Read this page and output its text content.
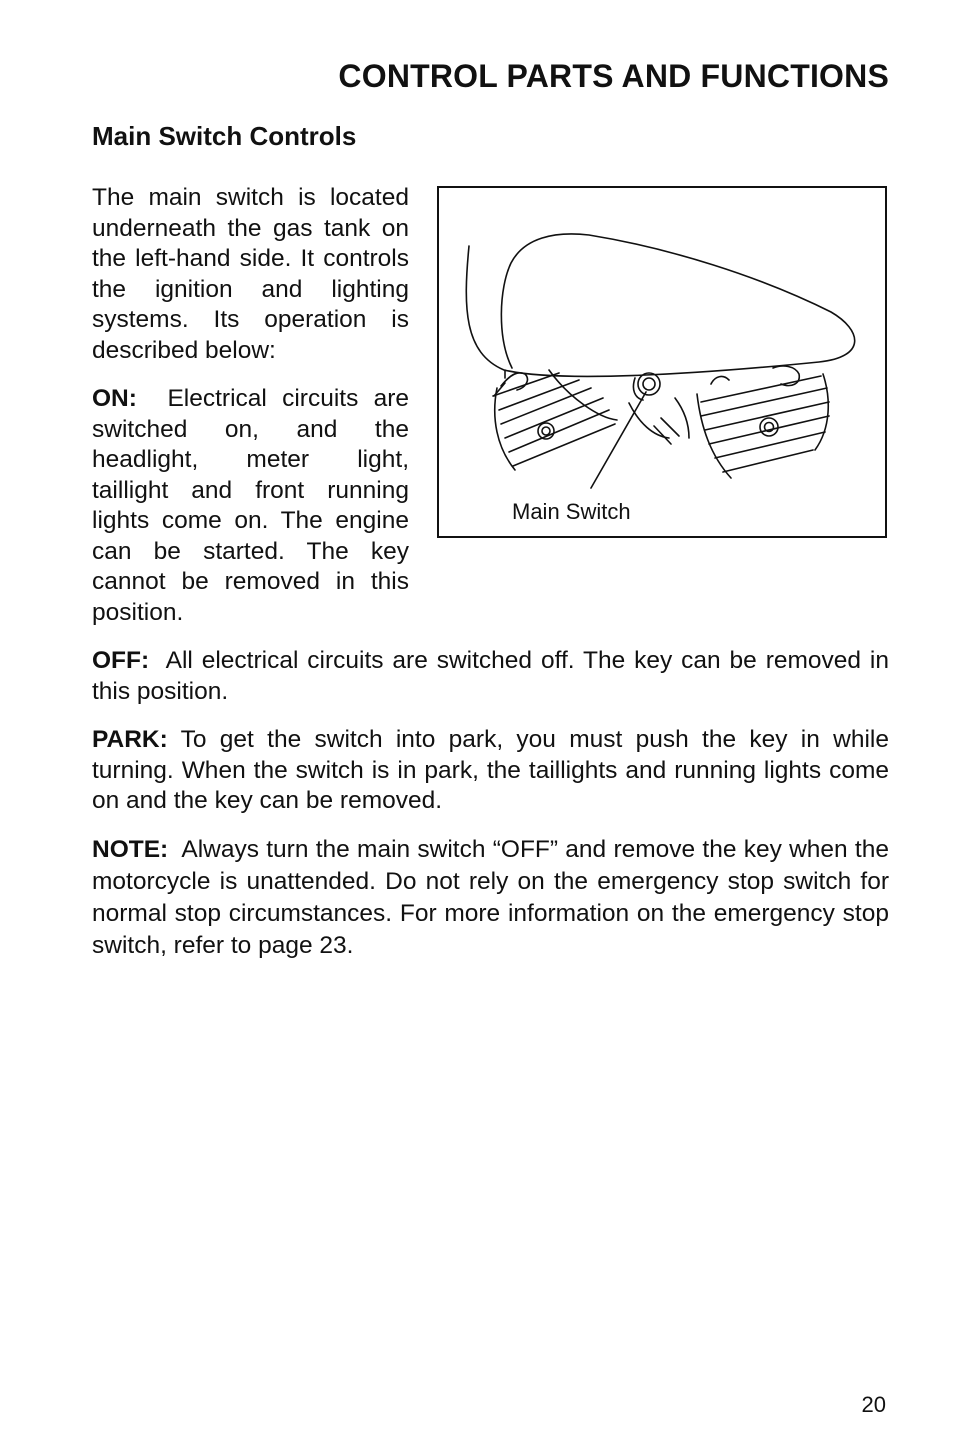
CONTROL PARTS AND FUNCTIONS
Main Switch Controls

The main switch is located underneath the gas tank on the left‑hand side. It controls the ignition and lighting systems. Its operation is described below:

ON: Electrical circuits are switched on, and the headlight, meter light, taillight and front running lights come on. The engine can be started. The key cannot be removed in this position.

Main Switch

OFF: All electrical circuits are switched off. The key can be removed in this position.

PARK: To get the switch into park, you must push the key in while turning. When the switch is in park, the taillights and running lights come on and the key can be removed.

NOTE: Always turn the main switch “OFF” and remove the key when the motorcycle is unattended. Do not rely on the emergency stop switch for normal stop circumstances. For more information on the emergency stop switch, refer to page 23.

20
